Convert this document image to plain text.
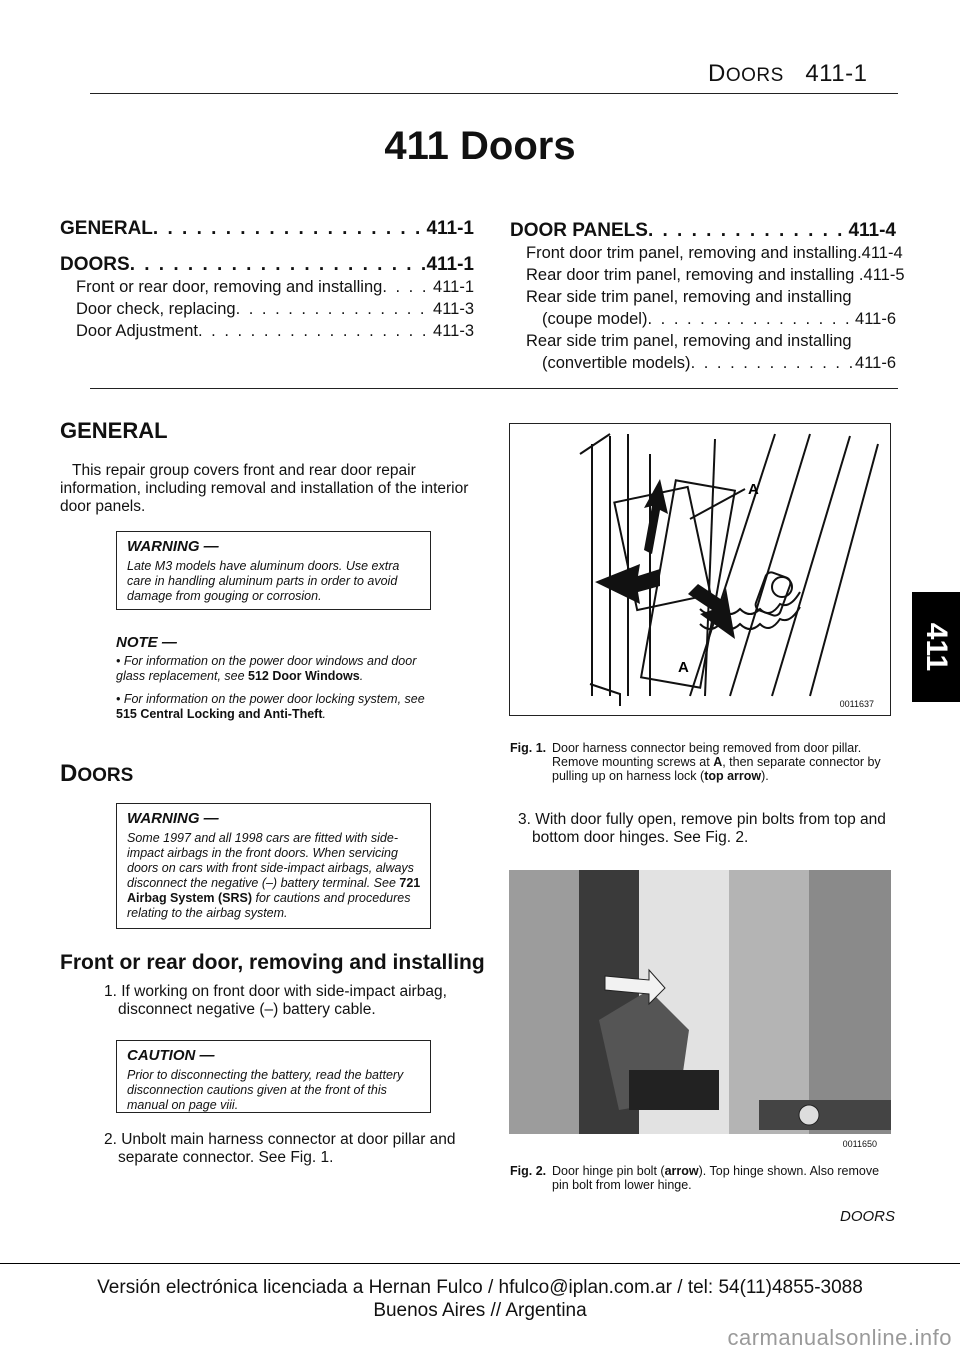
DOORS 411-1
411 Doors
GENERAL . . .	411-1
DOORS . . .	411-1
Front or rear door, removing and installing . . .	411-1
Door check, replacing . . .	411-3
Door Adjustment . . .	411-3
DOOR PANELS . . .	411-4
Front door trim panel, removing and installing. 411-4
Rear door trim panel, removing and installing . 411-5
Rear side trim panel, removing and installing
(coupe model) . . .	411-6
Rear side trim panel, removing and installing
(convertible models) . . .	411-6
GENERAL
This repair group covers front and rear door repair information, including removal and installation of the interior door panels.
WARNING —
Late M3 models have aluminum doors. Use extra care in handling aluminum parts in order to avoid damage from gouging or corrosion.
NOTE —
• For information on the power door windows and door glass replacement, see 512 Door Windows.
• For information on the power door locking system, see 515 Central Locking and Anti-Theft.
DOORS
WARNING —
Some 1997 and all 1998 cars are fitted with side-impact airbags in the front doors. When servicing doors on cars with front side-impact airbags, always disconnect the negative (–) battery terminal. See 721 Airbag System (SRS) for cautions and procedures relating to the airbag system.
Front or rear door, removing and installing
1. If working on front door with side-impact airbag, disconnect negative (–) battery cable.
CAUTION —
Prior to disconnecting the battery, read the battery disconnection cautions given at the front of this manual on page viii.
2. Unbolt main harness connector at door pillar and separate connector. See Fig. 1.
A
A
0011637
Fig. 1. Door harness connector being removed from door pillar. Remove mounting screws at A, then separate connector by pulling up on harness lock (top arrow).
3. With door fully open, remove pin bolts from top and bottom door hinges. See Fig. 2.
0011650
Fig. 2. Door hinge pin bolt (arrow). Top hinge shown. Also remove pin bolt from lower hinge.
411
DOORS
Versión electrónica licenciada a Hernan Fulco / hfulco@iplan.com.ar / tel: 54(11)4855-3088
Buenos Aires // Argentina
carmanualsonline.info
